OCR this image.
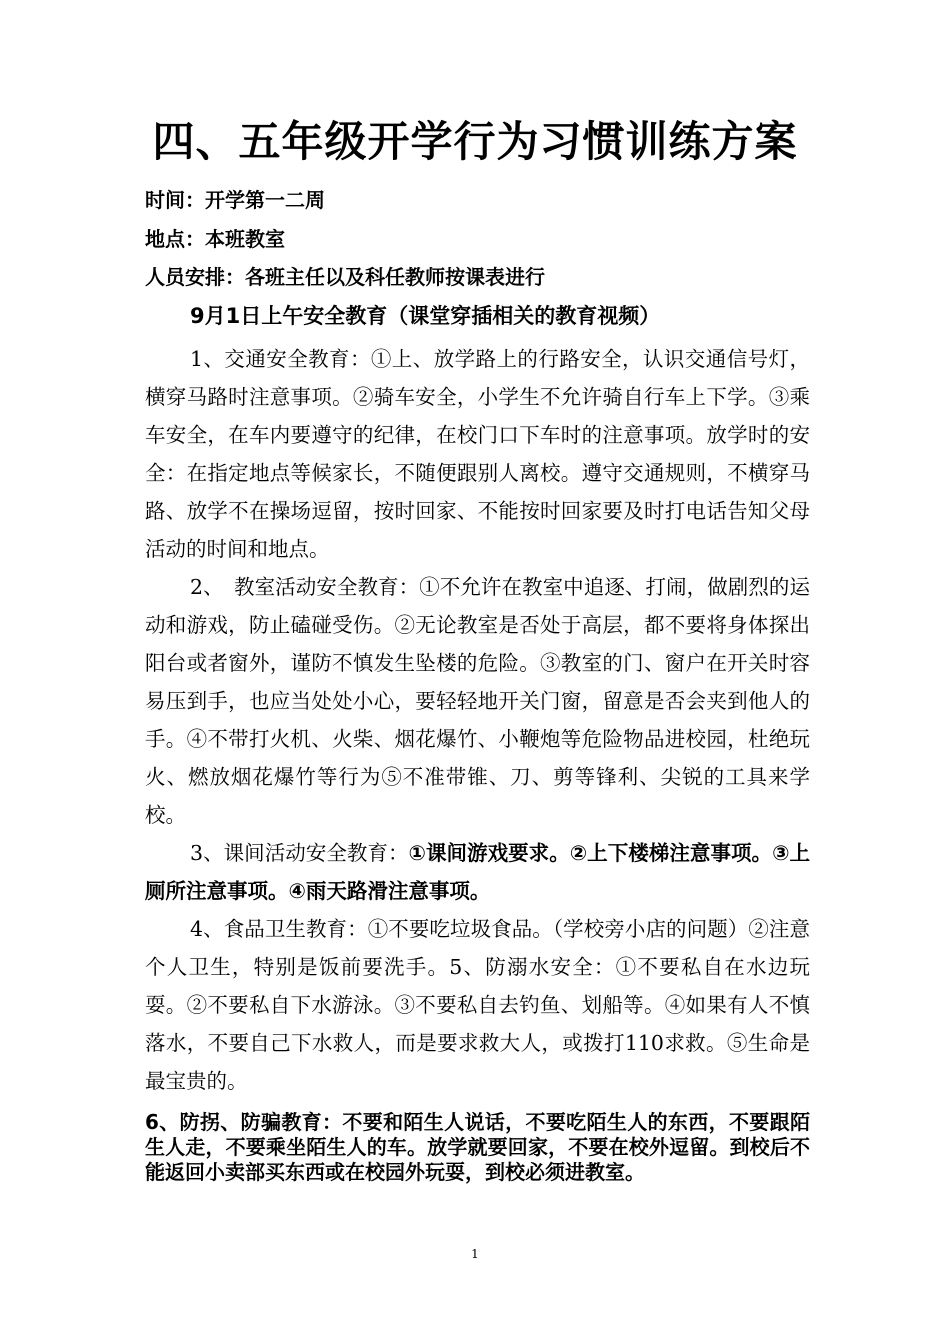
四、五年级开学行为习惯训练方案
时间：开学第一二周
地点：本班教室
人员安排：各班主任以及科任教师按课表进行
9月1日上午安全教育（课堂穿插相关的教育视频）

1、交通安全教育：①上、放学路上的行路安全，认识交通信号灯，横穿马路时注意事项。②骑车安全，小学生不允许骑自行车上下学。③乘车安全，在车内要遵守的纪律，在校门口下车时的注意事项。放学时的安全：在指定地点等候家长，不随便跟别人离校。遵守交通规则，不横穿马路、放学不在操场逗留，按时回家、不能按时回家要及时打电话告知父母活动的时间和地点。

2、　教室活动安全教育：①不允许在教室中追逐、打闹，做剧烈的运动和游戏，防止磕碰受伤。②无论教室是否处于高层，都不要将身体探出阳台或者窗外，谨防不慎发生坠楼的危险。③教室的门、窗户在开关时容易压到手，也应当处处小心，要轻轻地开关门窗，留意是否会夹到他人的手。④不带打火机、火柴、烟花爆竹、小鞭炮等危险物品进校园，杜绝玩火、燃放烟花爆竹等行为⑤不准带锥、刀、剪等锋利、尖锐的工具来学校。

3、课间活动安全教育：①课间游戏要求。②上下楼梯注意事项。③上厕所注意事项。④雨天路滑注意事项。

4、食品卫生教育：①不要吃垃圾食品。（学校旁小店的问题）②注意个人卫生，特别是饭前要洗手。5、防溺水安全：①不要私自在水边玩耍。②不要私自下水游泳。③不要私自去钓鱼、划船等。④如果有人不慎落水，不要自己下水救人，而是要求救大人，或拨打110求救。⑤生命是最宝贵的。

6、防拐、防骗教育：不要和陌生人说话，不要吃陌生人的东西，不要跟陌生人走，不要乘坐陌生人的车。放学就要回家，不要在校外逗留。到校后不能返回小卖部买东西或在校园外玩耍，到校必须进教室。

1
